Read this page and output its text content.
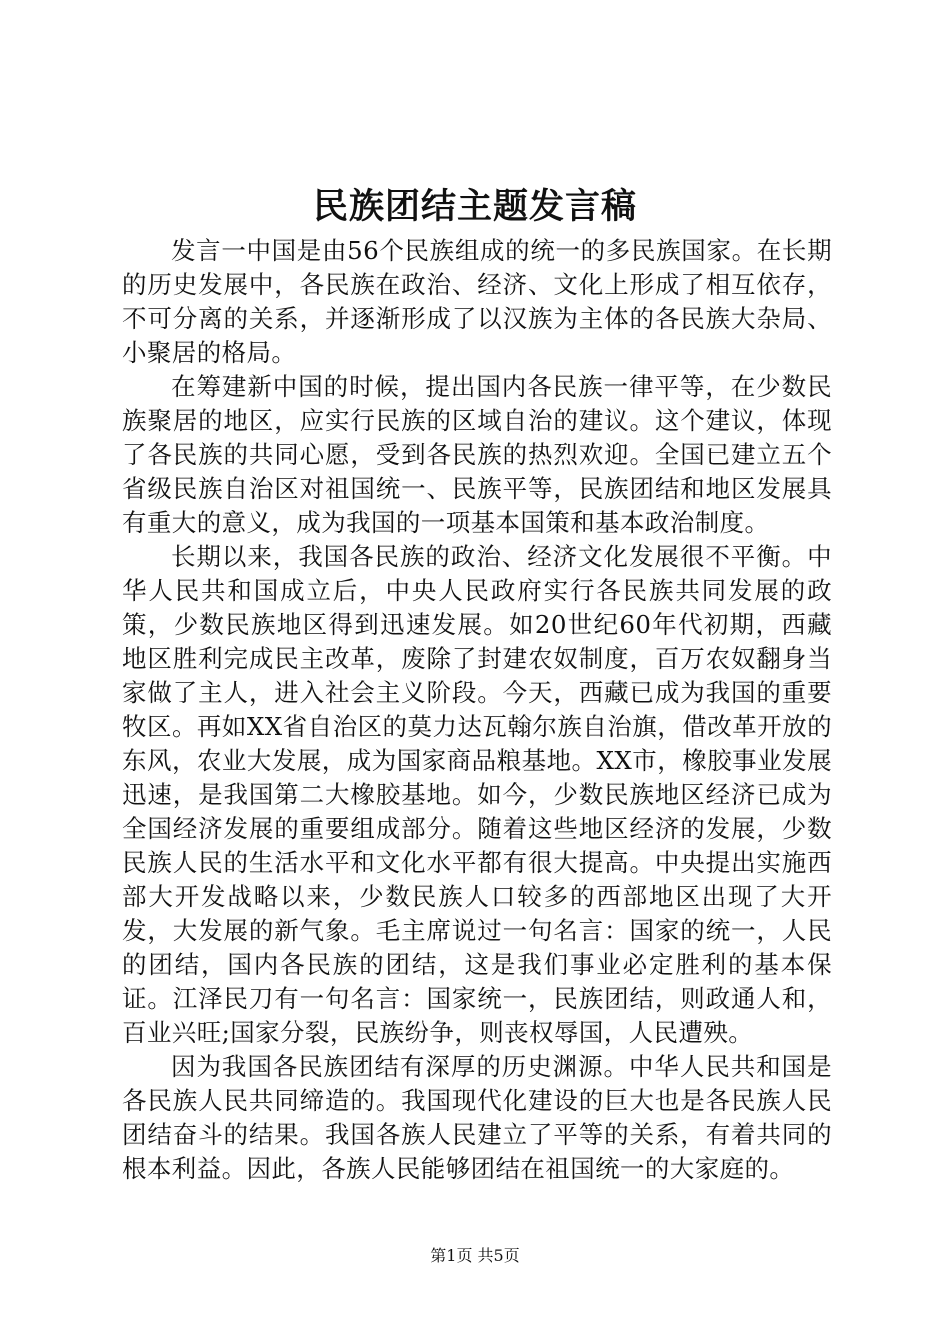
民族团结主题发言稿

发言一中国是由56个民族组成的统一的多民族国家。在长期的历史发展中，各民族在政治、经济、文化上形成了相互依存，不可分离的关系，并逐渐形成了以汉族为主体的各民族大杂局、小聚居的格局。

在筹建新中国的时候，提出国内各民族一律平等，在少数民族聚居的地区，应实行民族的区域自治的建议。这个建议，体现了各民族的共同心愿，受到各民族的热烈欢迎。全国已建立五个省级民族自治区对祖国统一、民族平等，民族团结和地区发展具有重大的意义，成为我国的一项基本国策和基本政治制度。

长期以来，我国各民族的政治、经济文化发展很不平衡。中华人民共和国成立后，中央人民政府实行各民族共同发展的政策，少数民族地区得到迅速发展。如20世纪60年代初期，西藏地区胜利完成民主改革，废除了封建农奴制度，百万农奴翻身当家做了主人，进入社会主义阶段。今天，西藏已成为我国的重要牧区。再如XX省自治区的莫力达瓦翰尔族自治旗，借改革开放的东风，农业大发展，成为国家商品粮基地。XX市，橡胶事业发展迅速，是我国第二大橡胶基地。如今，少数民族地区经济已成为全国经济发展的重要组成部分。随着这些地区经济的发展，少数民族人民的生活水平和文化水平都有很大提高。中央提出实施西部大开发战略以来，少数民族人口较多的西部地区出现了大开发，大发展的新气象。毛主席说过一句名言：国家的统一，人民的团结，国内各民族的团结，这是我们事业必定胜利的基本保证。江泽民刀有一句名言：国家统一，民族团结，则政通人和，百业兴旺;国家分裂，民族纷争，则丧权辱国，人民遭殃。

因为我国各民族团结有深厚的历史渊源。中华人民共和国是各民族人民共同缔造的。我国现代化建设的巨大也是各民族人民团结奋斗的结果。我国各族人民建立了平等的关系，有着共同的根本利益。因此，各族人民能够团结在祖国统一的大家庭的。

第1页 共5页
